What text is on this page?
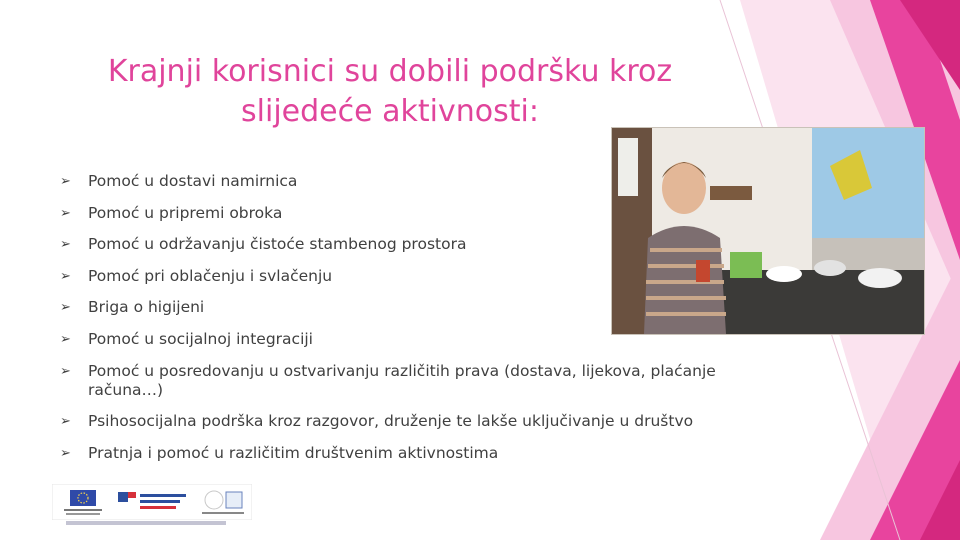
Krajnji korisnici su dobili podršku kroz slijedeće aktivnosti:
➢ Pomoć u dostavi namirnica
➢ Pomoć u pripremi obroka
➢ Pomoć u održavanju čistoće stambenog prostora
➢ Pomoć pri oblačenju i svlačenju
➢ Briga o higijeni
➢ Pomoć u socijalnoj integraciji
➢ Pomoć u posredovanju u ostvarivanju različitih prava (dostava, lijekova, plaćanje računa…)
➢ Psihosocijalna podrška kroz razgovor, druženje te lakše uključivanje u društvo
➢ Pratnja i pomoć u različitim društvenim aktivnostima
